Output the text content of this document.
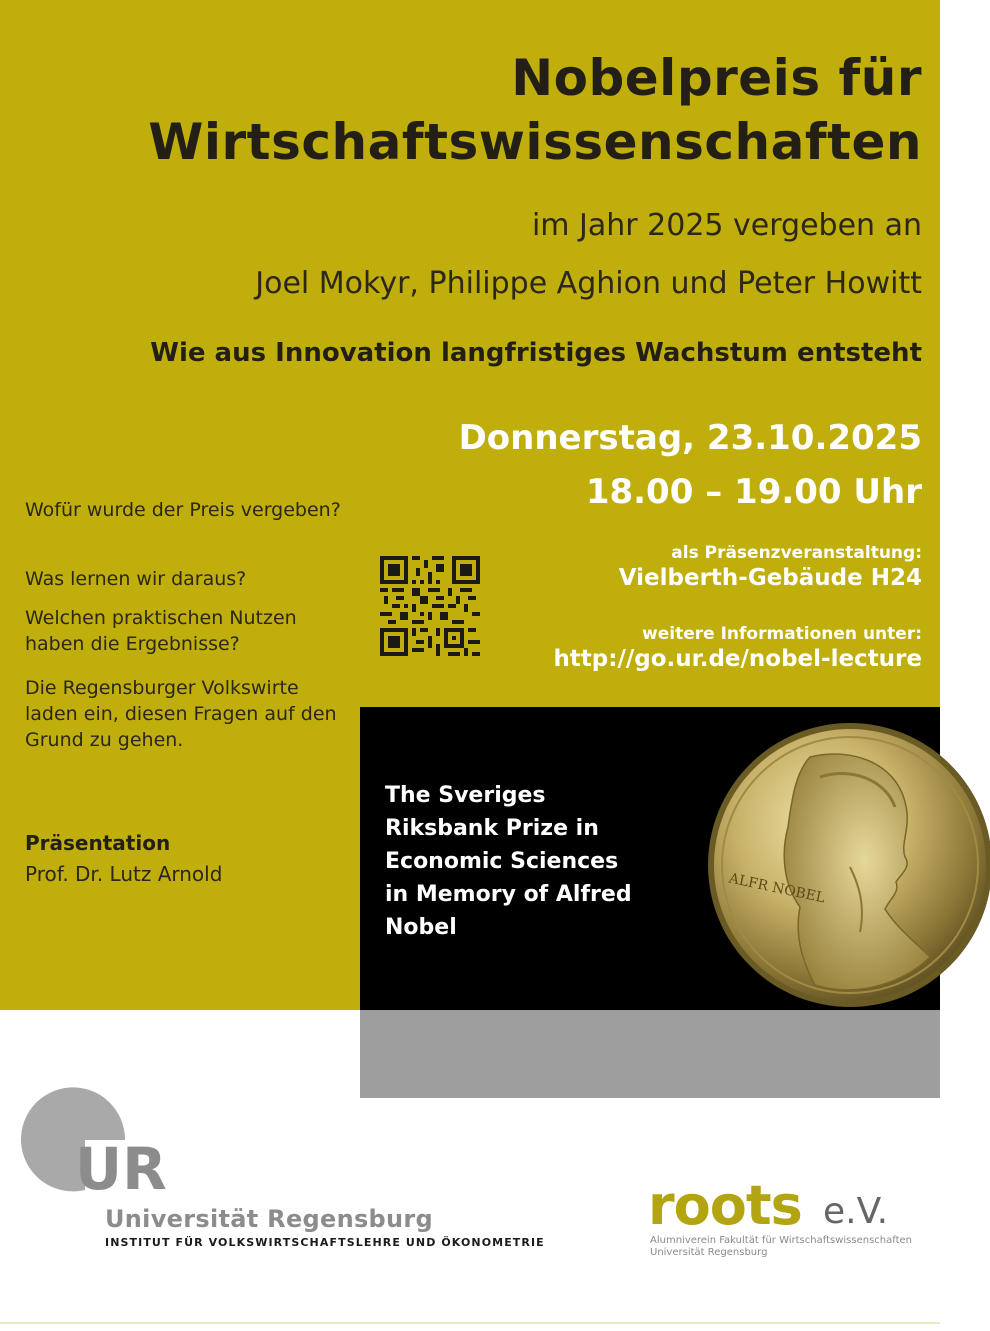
Nobelpreis für
Wirtschaftswissenschaften
im Jahr 2025 vergeben an
Joel Mokyr, Philippe Aghion und Peter Howitt
Wie aus Innovation langfristiges Wachstum entsteht
Donnerstag, 23.10.2025
18.00 – 19.00 Uhr
als Präsenzveranstaltung:
Vielberth-Gebäude H24
weitere Informationen unter:
http://go.ur.de/nobel-lecture
Wofür wurde der Preis vergeben?
Was lernen wir daraus?
Welchen praktischen Nutzen haben die Ergebnisse?
Die Regensburger Volkswirte laden ein, diesen Fragen auf den Grund zu gehen.
Präsentation
Prof. Dr. Lutz Arnold
The Sveriges Riksbank Prize in Economic Sciences in Memory of Alfred Nobel
ALFR NOBEL
UR
Universität Regensburg
INSTITUT FÜR VOLKSWIRTSCHAFTSLEHRE UND ÖKONOMETRIE
roots e.V.
Alumniverein Fakultät für Wirtschaftswissenschaften
Universität Regensburg
